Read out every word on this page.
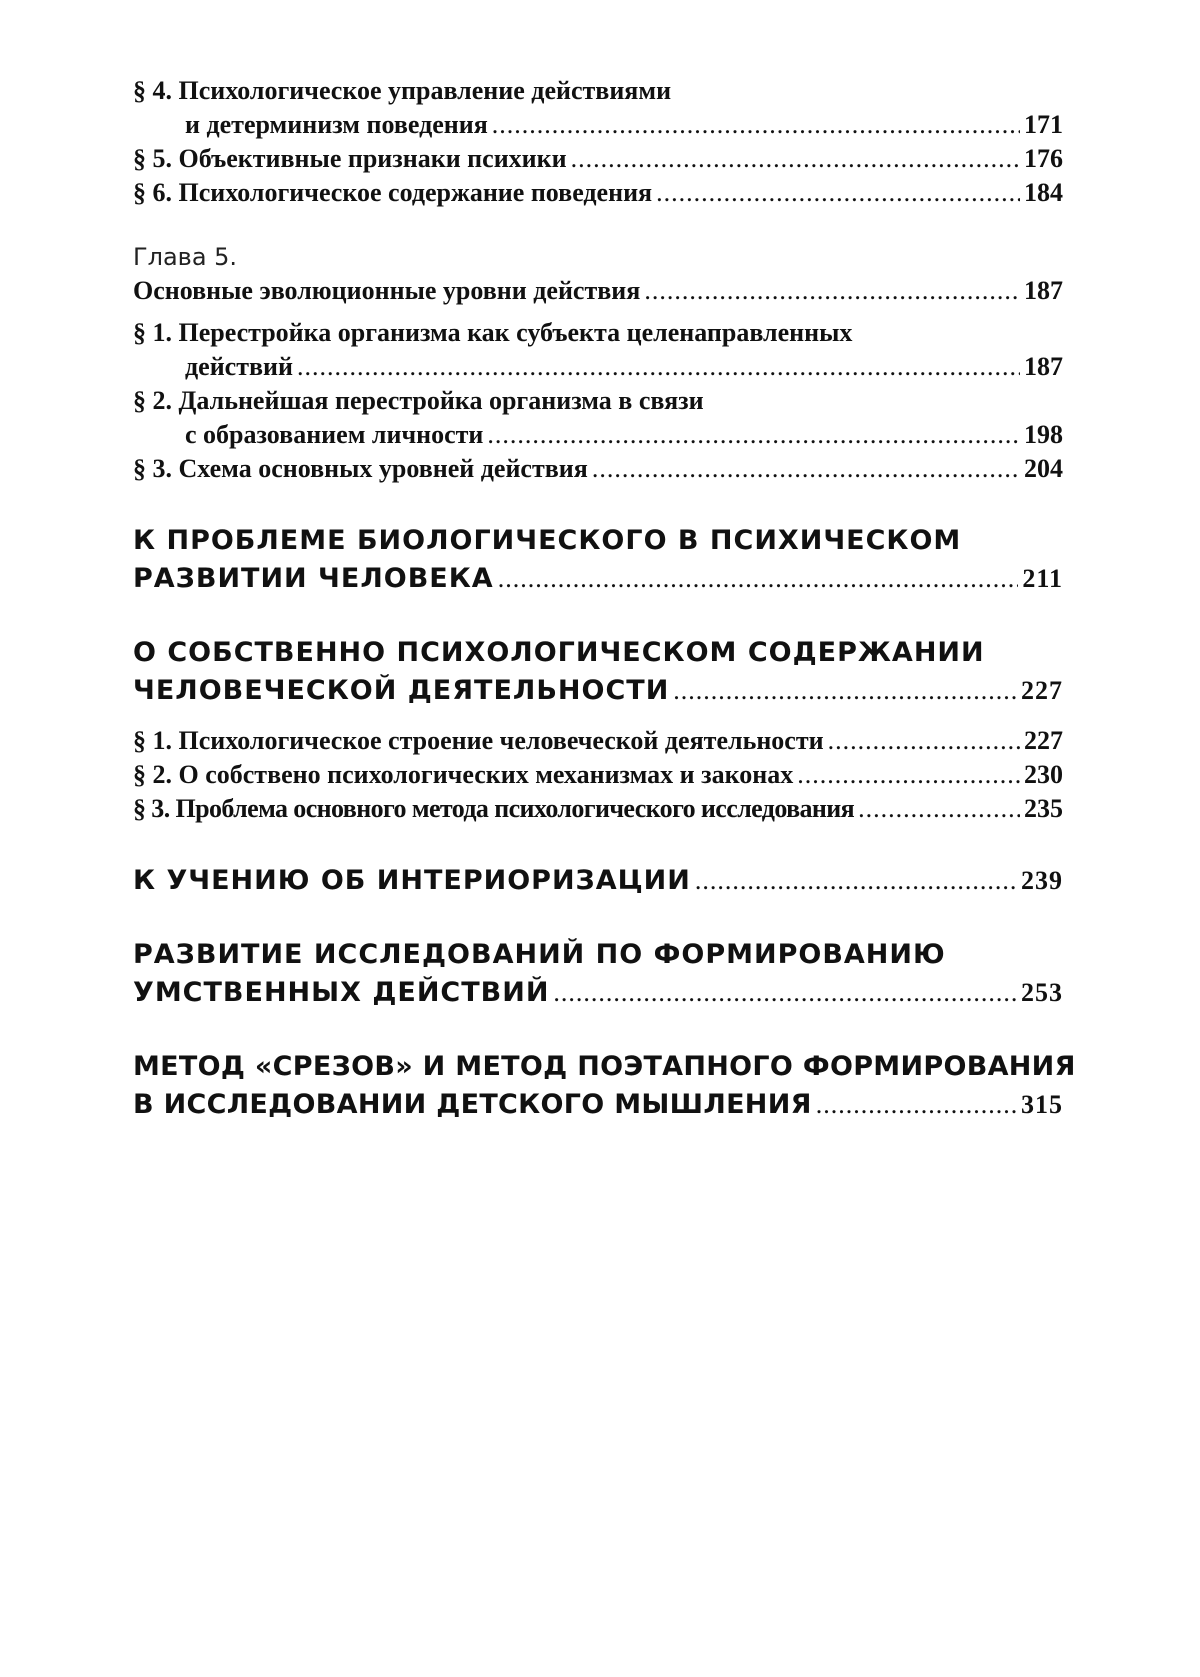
§ 4. Психологическое управление действиями
и детерминизм поведения
.....	171
§ 5. Объективные признаки психики
.....	176
§ 6. Психологическое содержание поведения
.....	184
Глава 5.
Основные эволюционные уровни действия
.....	187
§ 1. Перестройка организма как субъекта целенаправленных
действий
.....	187
§ 2. Дальнейшая перестройка организма в связи
с образованием личности
.....	198
§ 3. Схема основных уровней действия
.....	204
К ПРОБЛЕМЕ БИОЛОГИЧЕСКОГО В ПСИХИЧЕСКОМ
РАЗВИТИИ ЧЕЛОВЕКА
.....	211
О СОБСТВЕННО ПСИХОЛОГИЧЕСКОМ СОДЕРЖАНИИ
ЧЕЛОВЕЧЕСКОЙ ДЕЯТЕЛЬНОСТИ
.....	227
§ 1. Психологическое строение человеческой деятельности
.....	227
§ 2. О собствено психологических механизмах и законах
.....	230
§ 3. Проблема основного метода психологического исследования
.....	235
К УЧЕНИЮ ОБ ИНТЕРИОРИЗАЦИИ
.....	239
РАЗВИТИЕ ИССЛЕДОВАНИЙ ПО ФОРМИРОВАНИЮ
УМСТВЕННЫХ ДЕЙСТВИЙ
.....	253
МЕТОД «СРЕЗОВ» И МЕТОД ПОЭТАПНОГО ФОРМИРОВАНИЯ
В ИССЛЕДОВАНИИ ДЕТСКОГО МЫШЛЕНИЯ
.....	315
